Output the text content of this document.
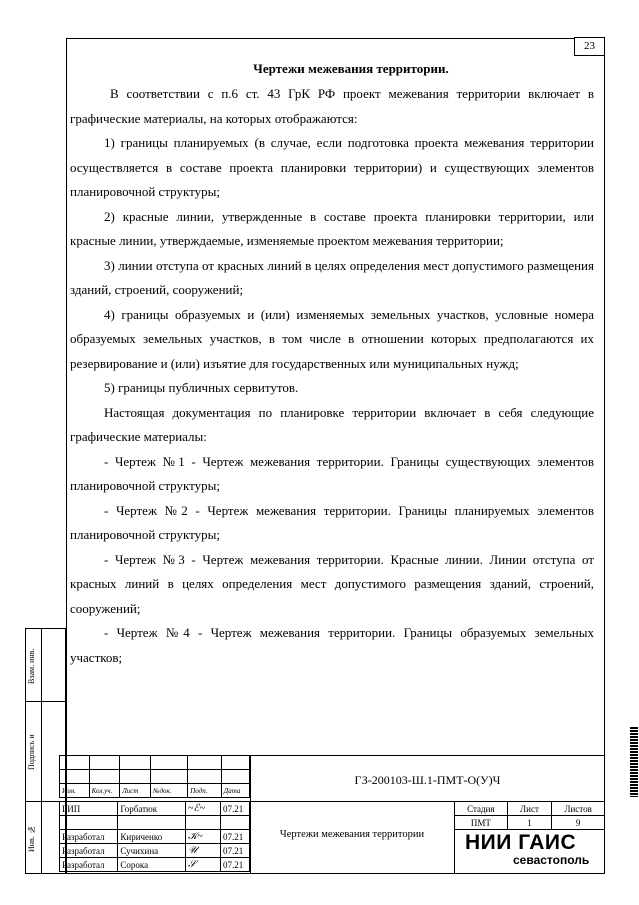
23
Чертежи межевания территории.

В соответствии с п.6 ст. 43 ГрК РФ проект межевания территории включает в графические материалы, на которых отображаются:

1) границы планируемых (в случае, если подготовка проекта межевания территории осуществляется в составе проекта планировки территории) и существующих элементов планировочной структуры;

2) красные линии, утвержденные в составе проекта планировки территории, или красные линии, утверждаемые, изменяемые проектом межевания территории;

3) линии отступа от красных линий в целях определения мест допустимого размещения зданий, строений, сооружений;

4) границы образуемых и (или) изменяемых земельных участков, условные номера образуемых земельных участков, в том числе в отношении которых предполагаются их резервирование и (или) изъятие для государственных или муниципальных нужд;

5) границы публичных сервитутов.

Настоящая документация по планировке территории включает в себя следующие графические материалы:

- Чертеж №1 - Чертеж межевания территории. Границы существующих элементов планировочной структуры;

- Чертеж №2 - Чертеж межевания территории. Границы планируемых элементов планировочной структуры;

- Чертеж №3 - Чертеж межевания территории. Красные линии. Линии отступа от красных линий в целях определения мест допустимого размещения зданий, строений, сооружений;

- Чертеж №4 - Чертеж межевания территории. Границы образуемых земельных участков;

Взам. инв.
Подпись и
Инв. №

Изм.	Кол.уч.	Лист	№док.	Подп.	Дата
ГИП	Горбатюк	~ℰ~	07.21

Разработал	Кириченко	𝒦~	07.21
Разработал	Сучихина	𝒰	07.21
Разработал	Сорока	𝒮	07.21
ГЗ-200103-Ш.1-ПМТ-О(У)Ч
Чертежи межевания территории
Стадия	Лист	Листов
ПМТ	1	9
НИИ ГАИС
севастополь
